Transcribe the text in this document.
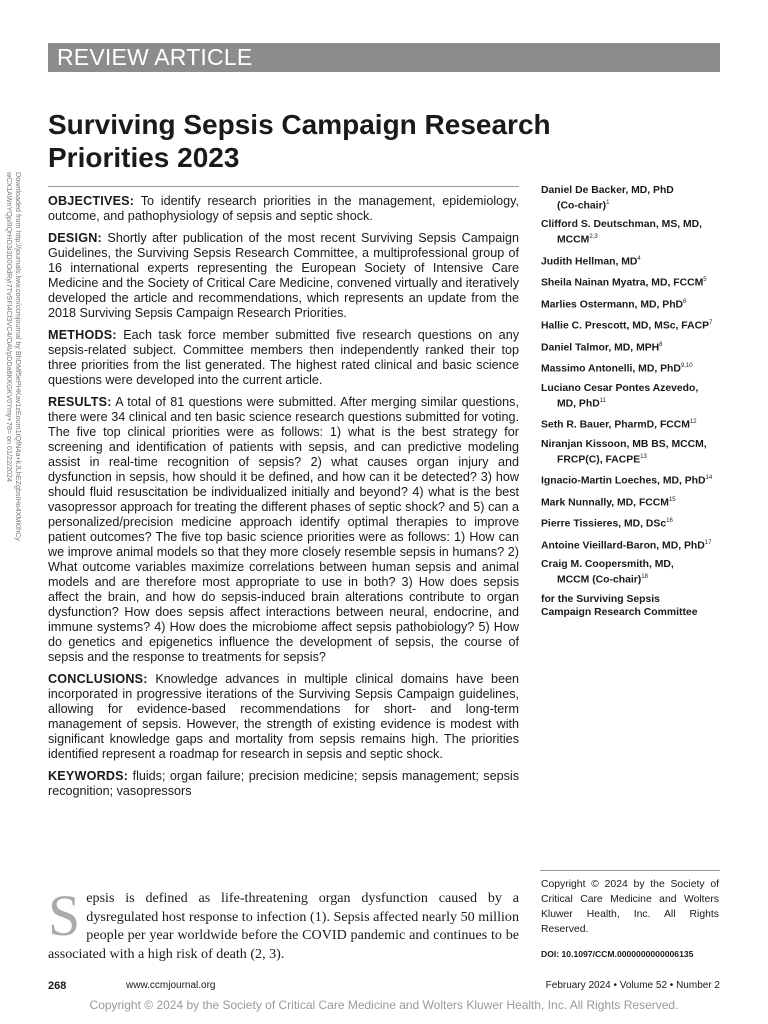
REVIEW ARTICLE
Surviving Sepsis Campaign Research
Priorities 2023
Downloaded from http://journals.lww.com/ccmjournal by BhDMf5ePHKav1zEoum1tQfN4a+kJLhEZgbsIHo4XMi0hCy
wCX1AWnYQp/IlQrHD3i3D0OdRyi7TvSFl4Cf3VC4/OAVpDDa8KKGKV0Ymy+78= on 01/22/2024	OBJECTIVES: To identify research priorities in the management, epidemiology, outcome, and pathophysiology of sepsis and septic shock.

DESIGN: Shortly after publication of the most recent Surviving Sepsis Campaign Guidelines, the Surviving Sepsis Research Committee, a multiprofessional group of 16 international experts representing the European Society of Intensive Care Medicine and the Society of Critical Care Medicine, convened virtually and iteratively developed the article and recommendations, which represents an update from the 2018 Surviving Sepsis Campaign Research Priorities.

METHODS: Each task force member submitted five research questions on any sepsis-related subject. Committee members then independently ranked their top three priorities from the list generated. The highest rated clinical and basic science questions were developed into the current article.

RESULTS: A total of 81 questions were submitted. After merging similar questions, there were 34 clinical and ten basic science research questions submitted for voting. The five top clinical priorities were as follows: 1) what is the best strategy for screening and identification of patients with sepsis, and can predictive modeling assist in real-time recognition of sepsis? 2) what causes organ injury and dysfunction in sepsis, how should it be defined, and how can it be detected? 3) how should fluid resuscitation be individualized initially and beyond? 4) what is the best vasopressor approach for treating the different phases of septic shock? and 5) can a personalized/precision medicine approach identify optimal therapies to improve patient outcomes? The five top basic science priorities were as follows: 1) How can we improve animal models so that they more closely resemble sepsis in humans? 2) What outcome variables maximize correlations between human sepsis and animal models and are therefore most appropriate to use in both? 3) How does sepsis affect the brain, and how do sepsis-induced brain alterations contribute to organ dysfunction? How does sepsis affect interactions between neural, endocrine, and immune systems? 4) How does the microbiome affect sepsis pathobiology? 5) How do genetics and epigenetics influence the development of sepsis, the course of sepsis and the response to treatments for sepsis?

CONCLUSIONS: Knowledge advances in multiple clinical domains have been incorporated in progressive iterations of the Surviving Sepsis Campaign guidelines, allowing for evidence-based recommendations for short- and long-term management of sepsis. However, the strength of existing evidence is modest with significant knowledge gaps and mortality from sepsis remains high. The priorities identified represent a roadmap for research in sepsis and septic shock.

KEYWORDS: fluids; organ failure; precision medicine; sepsis management; sepsis recognition; vasopressors

Daniel De Backer, MD, PhD
(Co-chair)$^1$
Clifford S. Deutschman, MS, MD,
MCCM$^{2,3}$
Judith Hellman, $MD^4$
Sheila Nainan Myatra, MD, FCCM$^5$
Marlies Ostermann, MD, PhD$^6$
Hallie C. Prescott, MD, MSc, FACP$^7$
Daniel Talmor, MD, MPH$^8$
Massimo Antonelli, MD, PhD$^{9,10}$
Luciano Cesar Pontes Azevedo,
MD, PhD$^{11}$
Seth R. Bauer, PharmD, FCCM$^{12}$
Niranjan Kissoon, MB BS, MCCM,
FRCP(C), FACPE$^{13}$
Ignacio-Martin Loeches, MD, PhD$^{14}$
Mark Nunnally, MD, FCCM$^{15}$
Pierre Tissieres, MD, DSc$^{16}$
Antoine Vieillard-Baron, MD, PhD$^{17}$
Craig M. Coopersmith, MD,
MCCM (Co-chair)$^{18}$
for the Surviving Sepsis
Campaign Research Committee
Copyright © 2024 by the Society of Critical Care Medicine and Wolters Kluwer Health, Inc. All Rights Reserved.
DOI: 10.1097/CCM.0000000000006135
Sepsis is defined as life-threatening organ dysfunction caused by a dysregulated host response to infection (1). Sepsis affected nearly 50 million people per year worldwide before the COVID pandemic and continues to be associated with a high risk of death (2, 3).
268	www.ccmjournal.org	February 2024 • Volume 52 • Number 2
Copyright © 2024 by the Society of Critical Care Medicine and Wolters Kluwer Health, Inc. All Rights Reserved.
